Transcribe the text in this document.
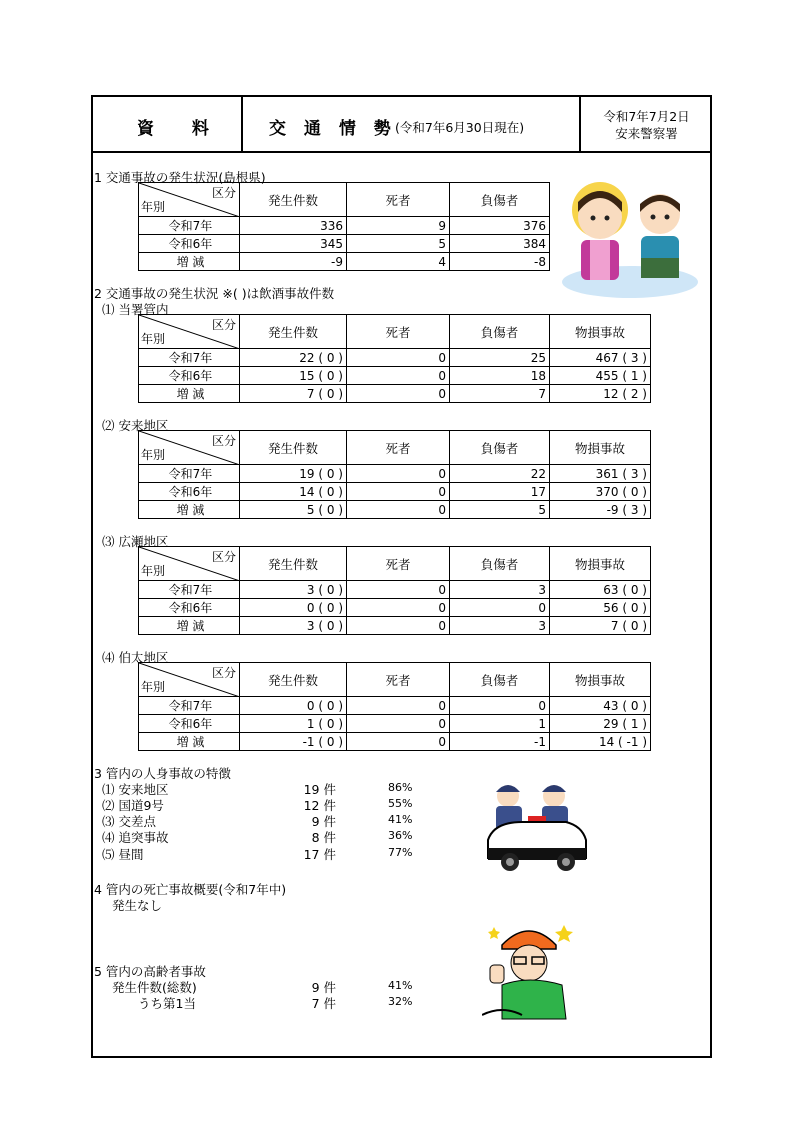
資 料	交 通 情 勢
(令和7年6月30日現在)
令和7年7月2日
安来警察署
1 交通事故の発生状況(島根県)
区分
年別	発生件数	死者	負傷者
令和7年	336	9	376
令和6年	345	5	384
増 減	-9	4	-8
2 交通事故の発生状況 ※( )は飲酒事故件数
⑴ 当署管内
区分
年別	発生件数	死者	負傷者	物損事故
令和7年	22 ( 0 )	0	25	467 ( 3 )
令和6年	15 ( 0 )	0	18	455 ( 1 )
増 減	7 ( 0 )	0	7	12 ( 2 )
⑵ 安来地区
区分
年別	発生件数	死者	負傷者	物損事故
令和7年	19 ( 0 )	0	22	361 ( 3 )
令和6年	14 ( 0 )	0	17	370 ( 0 )
増 減	5 ( 0 )	0	5	-9 ( 3 )
⑶ 広瀬地区
区分
年別	発生件数	死者	負傷者	物損事故
令和7年	3 ( 0 )	0	3	63 ( 0 )
令和6年	0 ( 0 )	0	0	56 ( 0 )
増 減	3 ( 0 )	0	3	7 ( 0 )
⑷ 伯太地区
区分
年別	発生件数	死者	負傷者	物損事故
令和7年	0 ( 0 )	0	0	43 ( 0 )
令和6年	1 ( 0 )	0	1	29 ( 1 )
増 減	-1 ( 0 )	0	-1	14 ( -1 )
3 管内の人身事故の特徴
⑴ 安来地区	19 件	86%
⑵ 国道9号	12 件	55%
⑶ 交差点	9 件	41%
⑷ 追突事故	8 件	36%
⑸ 昼間	17 件	77%
4 管内の死亡事故概要(令和7年中)
発生なし
5 管内の高齢者事故
発生件数(総数)	9 件	41%
うち第1当	7 件	32%
